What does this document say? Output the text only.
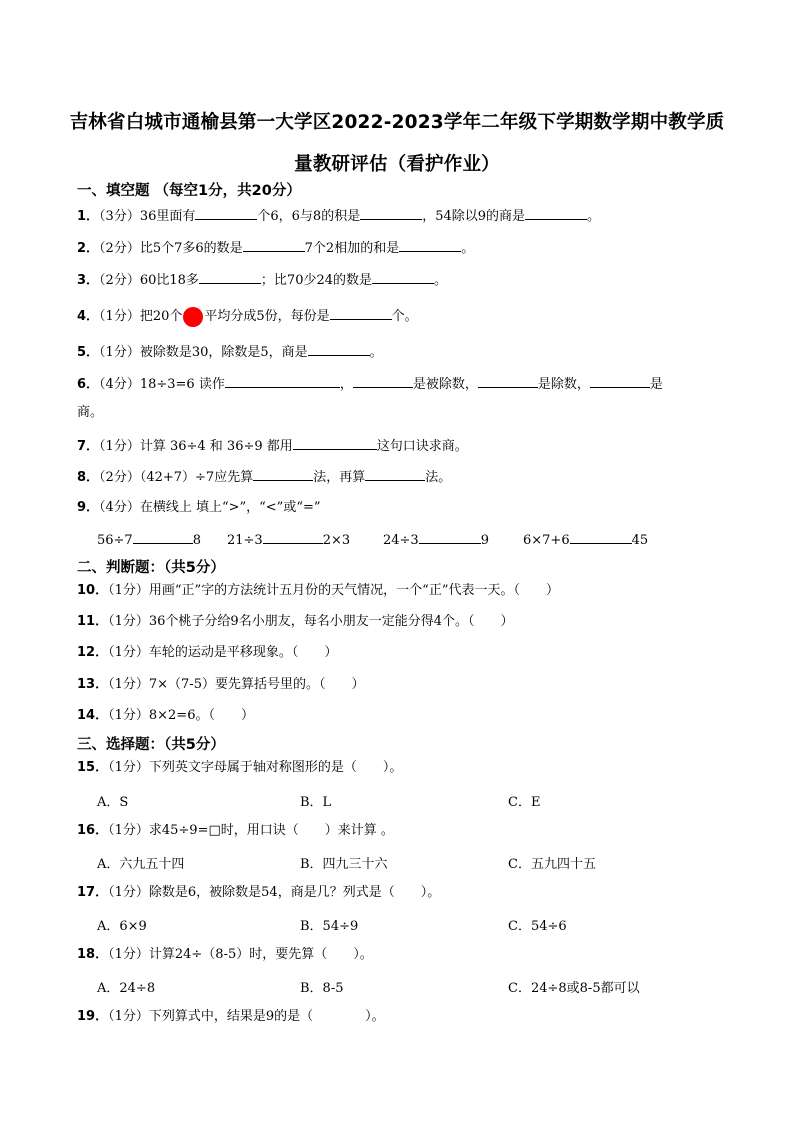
吉林省白城市通榆县第一大学区2022-2023学年二年级下学期数学期中教学质
量教研评估（看护作业）
一、填空题 （每空1分，共20分）
1．（3分）36里面有	个6，6与8的积是	，54除以9的商是	。
2．（2分）比5个7多6的数是	7个2相加的和是	。
3．（2分）60比18多	；比70少24的数是	。
4．（1分）把20个 平均分成5份，每份是	个。
5．（1分）被除数是30，除数是5，商是	。
6．（4分）18÷3=6 读作	，	是被除数，	是除数，	是
商。
7．（1分）计算 36÷4 和 36÷9 都用	这句口诀求商。
8．（2分）（42+7）÷7应先算	法，再算	法。
9．（4分）在横线上 填上“>”，“<”或“=”
56÷7	8 21÷3	2×3	24÷3	9	6×7+6	45
二、判断题：（共5分）
10．（1分）用画“正”字的方法统计五月份的天气情况，一个“正”代表一天。（　　）
11．（1分）36个桃子分给9名小朋友，每名小朋友一定能分得4个。（　　）
12．（1分）车轮的运动是平移现象。（　　）
13．（1分）7×（7-5）要先算括号里的。（　　）
14．（1分）8×2=6。（　　）
三、选择题：（共5分）
15．（1分）下列英文字母属于轴对称图形的是（　　）。
A．S	B．L	C．E
16．（1分）求45÷9=□时，用口诀（　　）来计算 。
A．六九五十四	B．四九三十六	C．五九四十五
17．（1分）除数是6，被除数是54，商是几？列式是（　　）。
A．6×9	B．54÷9	C．54÷6
18．（1分）计算24÷（8-5）时，要先算（　　）。
A．24÷8	B．8-5	C．24÷8或8-5都可以
19．（1分）下列算式中，结果是9的是（　　　　）。
